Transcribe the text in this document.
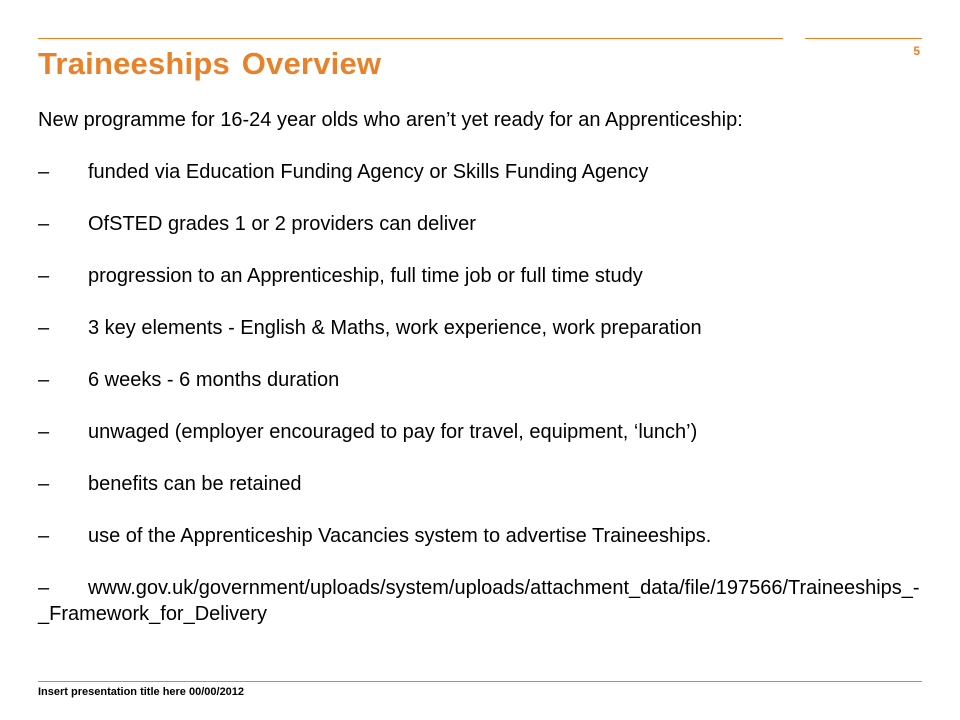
5
Traineeships Overview
New programme for 16-24 year olds who aren’t yet ready for an Apprenticeship:
–	funded via Education Funding Agency or Skills Funding Agency
–	OfSTED grades 1 or 2 providers can deliver
–	progression to an Apprenticeship, full time job or full time study
–	3 key elements - English & Maths, work experience, work preparation
–	6 weeks - 6 months duration
–	unwaged (employer encouraged to pay for travel, equipment, ‘lunch’)
–	benefits can be retained
–	use of the Apprenticeship Vacancies system to advertise Traineeships.
– www.gov.uk/government/uploads/system/uploads/attachment_data/file/197566/Traineeships_-_Framework_for_Delivery
Insert presentation title here 00/00/2012
